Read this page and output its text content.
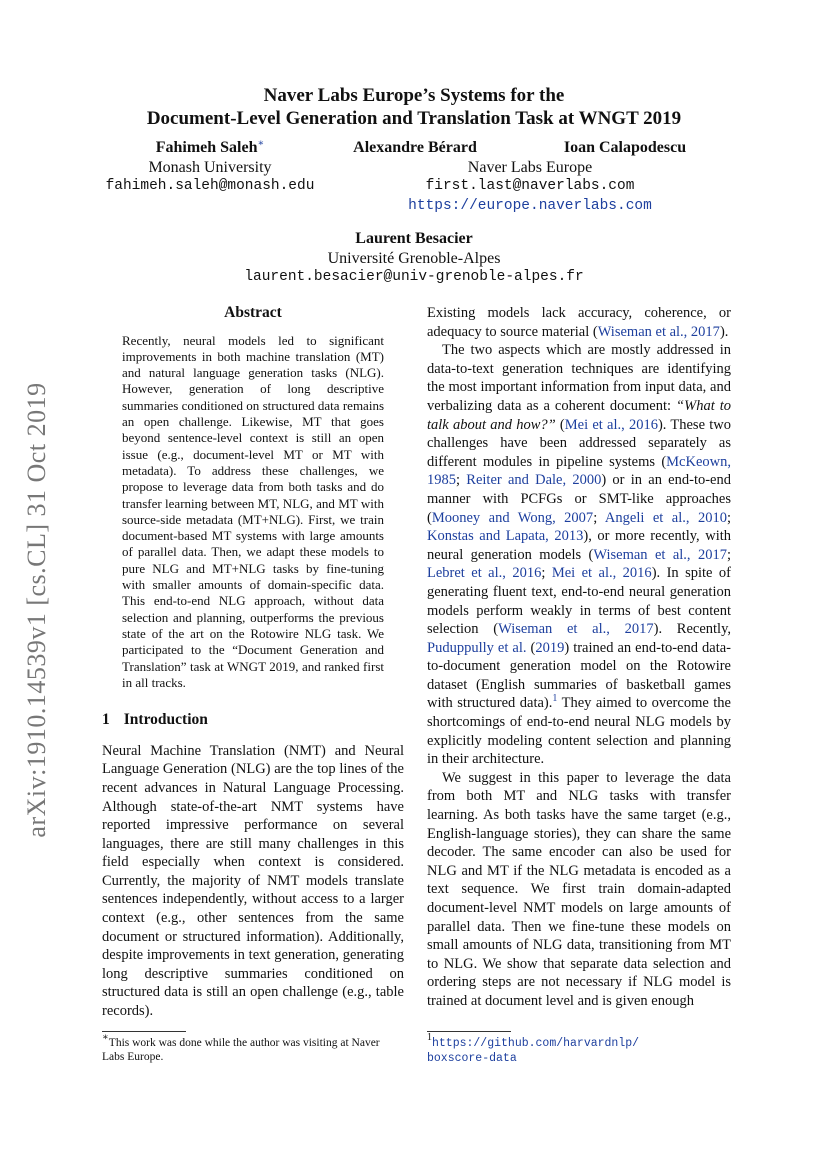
arXiv:1910.14539v1 [cs.CL] 31 Oct 2019
Naver Labs Europe’s Systems for the
Document-Level Generation and Translation Task at WNGT 2019
Fahimeh Saleh∗
Monash University
fahimeh.saleh@monash.edu
Alexandre Bérard	Ioan Calapodescu
Naver Labs Europe
first.last@naverlabs.com
https://europe.naverlabs.com
Laurent Besacier
Université Grenoble-Alpes
laurent.besacier@univ-grenoble-alpes.fr
Abstract

Recently, neural models led to significant improvements in both machine translation (MT) and natural language generation tasks (NLG). However, generation of long descriptive summaries conditioned on structured data remains an open challenge. Likewise, MT that goes beyond sentence-level context is still an open issue (e.g., document-level MT or MT with metadata). To address these challenges, we propose to leverage data from both tasks and do transfer learning between MT, NLG, and MT with source-side metadata (MT+NLG). First, we train document-based MT systems with large amounts of parallel data. Then, we adapt these models to pure NLG and MT+NLG tasks by fine-tuning with smaller amounts of domain-specific data. This end-to-end NLG approach, without data selection and planning, outperforms the previous state of the art on the Rotowire NLG task. We participated to the “Document Generation and Translation” task at WNGT 2019, and ranked first in all tracks.

1 Introduction

Neural Machine Translation (NMT) and Neural Language Generation (NLG) are the top lines of the recent advances in Natural Language Processing. Although state-of-the-art NMT systems have reported impressive performance on several languages, there are still many challenges in this field especially when context is considered. Currently, the majority of NMT models translate sentences independently, without access to a larger context (e.g., other sentences from the same document or structured information). Additionally, despite improvements in text generation, generating long descriptive summaries conditioned on structured data is still an open challenge (e.g., table records).

∗This work was done while the author was visiting at Naver Labs Europe.

Existing models lack accuracy, coherence, or adequacy to source material (Wiseman et al., 2017).

The two aspects which are mostly addressed in data-to-text generation techniques are identifying the most important information from input data, and verbalizing data as a coherent document: “What to talk about and how?” (Mei et al., 2016). These two challenges have been addressed separately as different modules in pipeline systems (McKeown, 1985; Reiter and Dale, 2000) or in an end-to-end manner with PCFGs or SMT-like approaches (Mooney and Wong, 2007; Angeli et al., 2010; Konstas and Lapata, 2013), or more recently, with neural generation models (Wiseman et al., 2017; Lebret et al., 2016; Mei et al., 2016). In spite of generating fluent text, end-to-end neural generation models perform weakly in terms of best content selection (Wiseman et al., 2017). Recently, Puduppully et al. (2019) trained an end-to-end data-to-document generation model on the Rotowire dataset (English summaries of basketball games with structured data).$^1$ They aimed to overcome the shortcomings of end-to-end neural NLG models by explicitly modeling content selection and planning in their architecture.

We suggest in this paper to leverage the data from both MT and NLG tasks with transfer learning. As both tasks have the same target (e.g., English-language stories), they can share the same decoder. The same encoder can also be used for NLG and MT if the NLG metadata is encoded as a text sequence. We first train domain-adapted document-level NMT models on large amounts of parallel data. Then we fine-tune these models on small amounts of NLG data, transitioning from MT to NLG. We show that separate data selection and ordering steps are not necessary if NLG model is trained at document level and is given enough

$^1$https://github.com/harvardnlp/
boxscore-data
